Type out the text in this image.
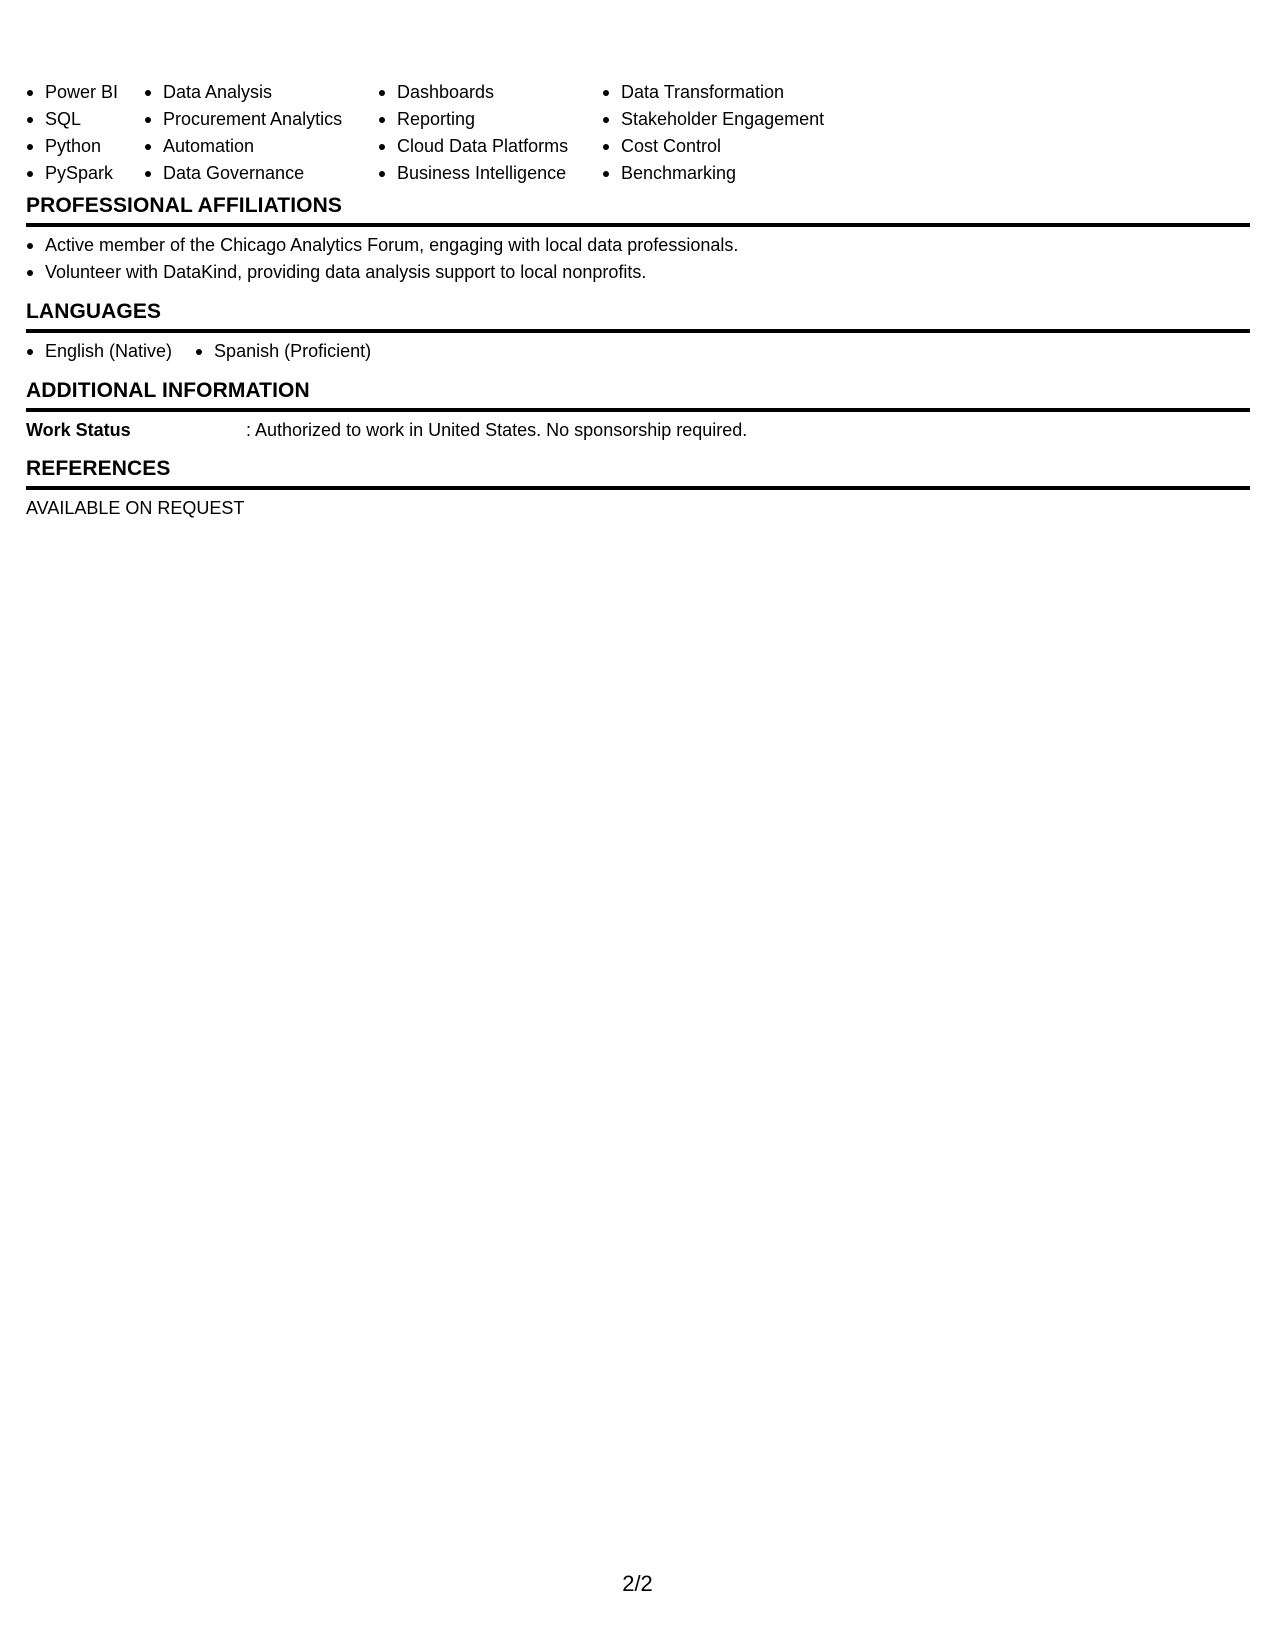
Power BI
SQL
Python
PySpark
Data Analysis
Procurement Analytics
Automation
Data Governance
Dashboards
Reporting
Cloud Data Platforms
Business Intelligence
Data Transformation
Stakeholder Engagement
Cost Control
Benchmarking
PROFESSIONAL AFFILIATIONS
Active member of the Chicago Analytics Forum, engaging with local data professionals.
Volunteer with DataKind, providing data analysis support to local nonprofits.
LANGUAGES
English (Native)	Spanish (Proficient)
ADDITIONAL INFORMATION
Work Status	: Authorized to work in United States. No sponsorship required.
REFERENCES
AVAILABLE ON REQUEST
2/2
